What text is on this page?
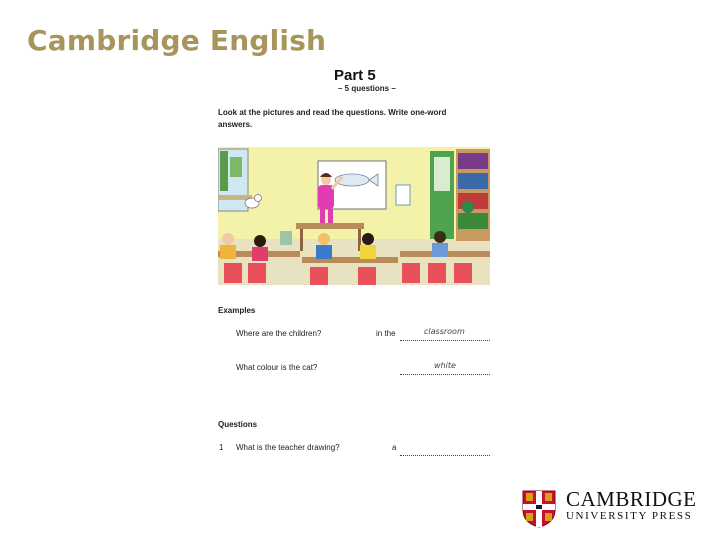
Cambridge English
Part 5
– 5 questions –
Look at the pictures and read the questions. Write one-word answers.
Examples
Where are the children?	in the	classroom
What colour is the cat?	white
Questions
1 What is the teacher drawing?	a
CAMBRIDGE
UNIVERSITY PRESS
